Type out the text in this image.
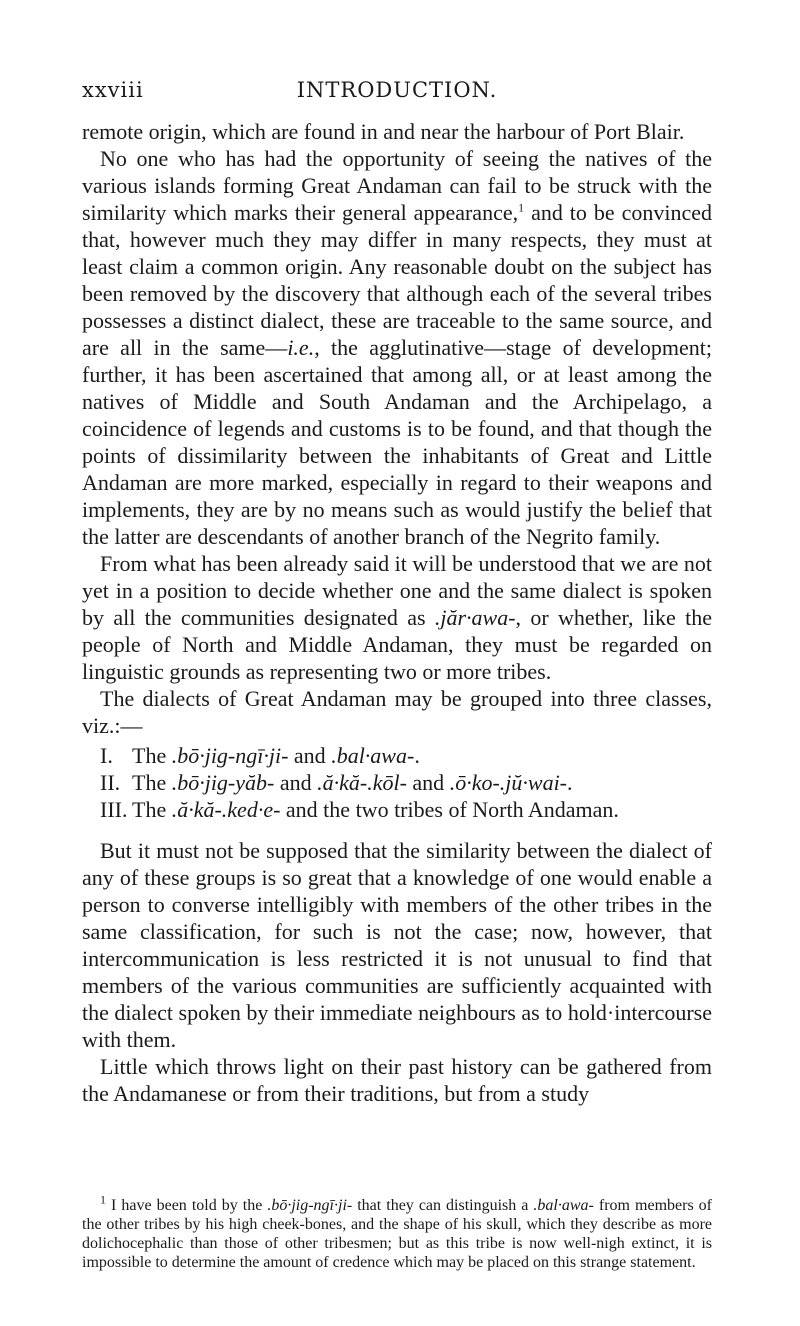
xxviii	INTRODUCTION.

remote origin, which are found in and near the harbour of Port Blair.

No one who has had the opportunity of seeing the natives of the various islands forming Great Andaman can fail to be struck with the similarity which marks their general appearance,$^1$ and to be convinced that, however much they may differ in many respects, they must at least claim a common origin. Any reasonable doubt on the subject has been removed by the discovery that although each of the several tribes possesses a distinct dialect, these are traceable to the same source, and are all in the same—i.e., the agglutinative—stage of development; further, it has been ascertained that among all, or at least among the natives of Middle and South Andaman and the Archipelago, a coincidence of legends and customs is to be found, and that though the points of dissimilarity between the inhabitants of Great and Little Andaman are more marked, especially in regard to their weapons and implements, they are by no means such as would justify the belief that the latter are descendants of another branch of the Negrito family.

From what has been already said it will be understood that we are not yet in a position to decide whether one and the same dialect is spoken by all the communities designated as .jăr·awa-, or whether, like the people of North and Middle Andaman, they must be regarded on linguistic grounds as representing two or more tribes.

The dialects of Great Andaman may be grouped into three classes, viz.:—

I. The .bō·jig-ngī·ji- and .bal·awa-.
II. The .bō·jig-yăb- and .ă·kă-.kōl- and .ō·ko-.jŭ·wai-.
III. The .ă·kă-.ked·e- and the two tribes of North Andaman.

But it must not be supposed that the similarity between the dialect of any of these groups is so great that a knowledge of one would enable a person to converse intelligibly with members of the other tribes in the same classification, for such is not the case; now, however, that intercommunication is less restricted it is not unusual to find that members of the various communities are sufficiently acquainted with the dialect spoken by their immediate neighbours as to hold·intercourse with them.

Little which throws light on their past history can be gathered from the Andamanese or from their traditions, but from a study

$^1$ I have been told by the .bō·jig-ngī·ji- that they can distinguish a .bal·awa- from members of the other tribes by his high cheek-bones, and the shape of his skull, which they describe as more dolichocephalic than those of other tribesmen; but as this tribe is now well-nigh extinct, it is impossible to determine the amount of credence which may be placed on this strange statement.
